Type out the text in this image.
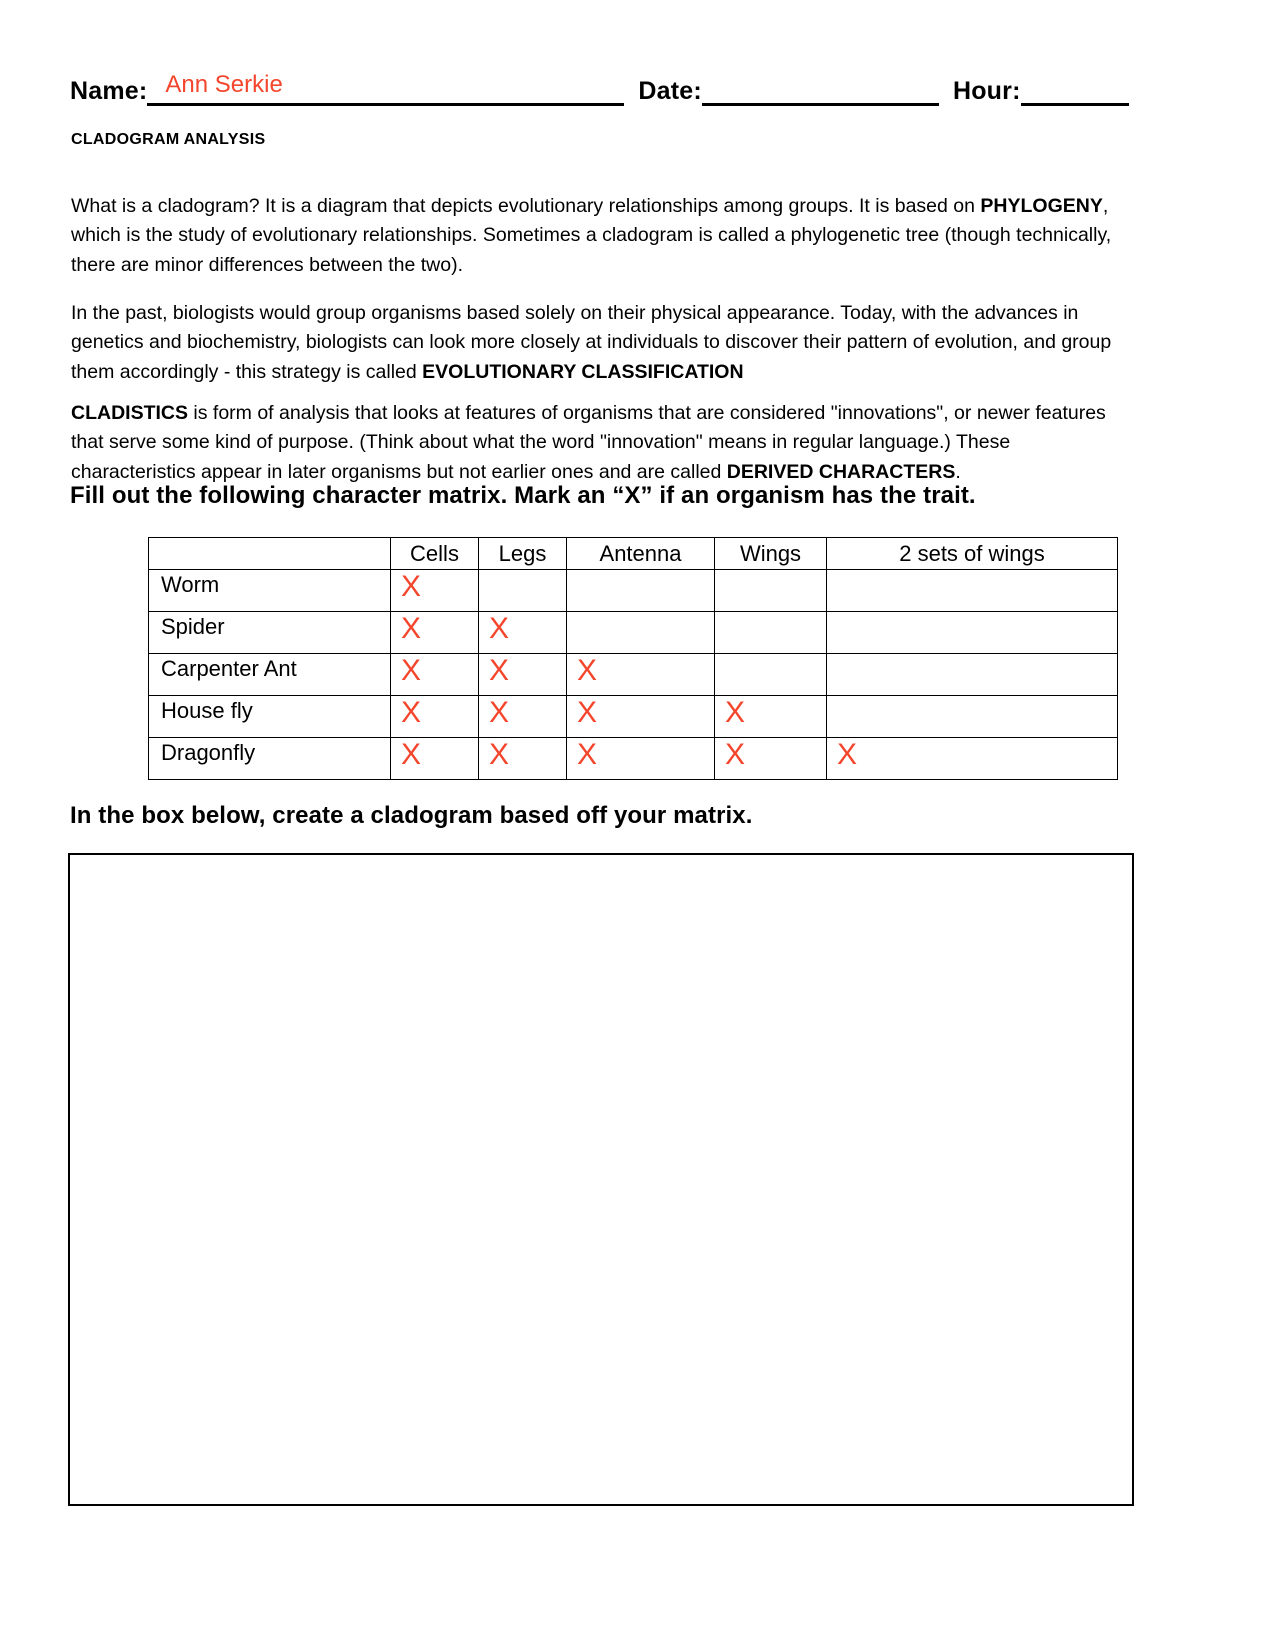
Name: Ann Serkie	Date:	Hour:
CLADOGRAM ANALYSIS

What is a cladogram? It is a diagram that depicts evolutionary relationships among groups. It is based on PHYLOGENY, which is the study of evolutionary relationships. Sometimes a cladogram is called a phylogenetic tree (though technically, there are minor differences between the two).

In the past, biologists would group organisms based solely on their physical appearance. Today, with the advances in genetics and biochemistry, biologists can look more closely at individuals to discover their pattern of evolution, and group them accordingly - this strategy is called EVOLUTIONARY CLASSIFICATION

CLADISTICS is form of analysis that looks at features of organisms that are considered "innovations", or newer features that serve some kind of purpose. (Think about what the word "innovation" means in regular language.) These characteristics appear in later organisms but not earlier ones and are called DERIVED CHARACTERS.

Fill out the following character matrix. Mark an “X” if an organism has the trait.
	Cells	Legs	Antenna	Wings	2 sets of wings
Worm	X				
Spider	X	X			
Carpenter Ant	X	X	X		
House fly	X	X	X	X	
Dragonfly	X	X	X	X	X
In the box below, create a cladogram based off your matrix.
